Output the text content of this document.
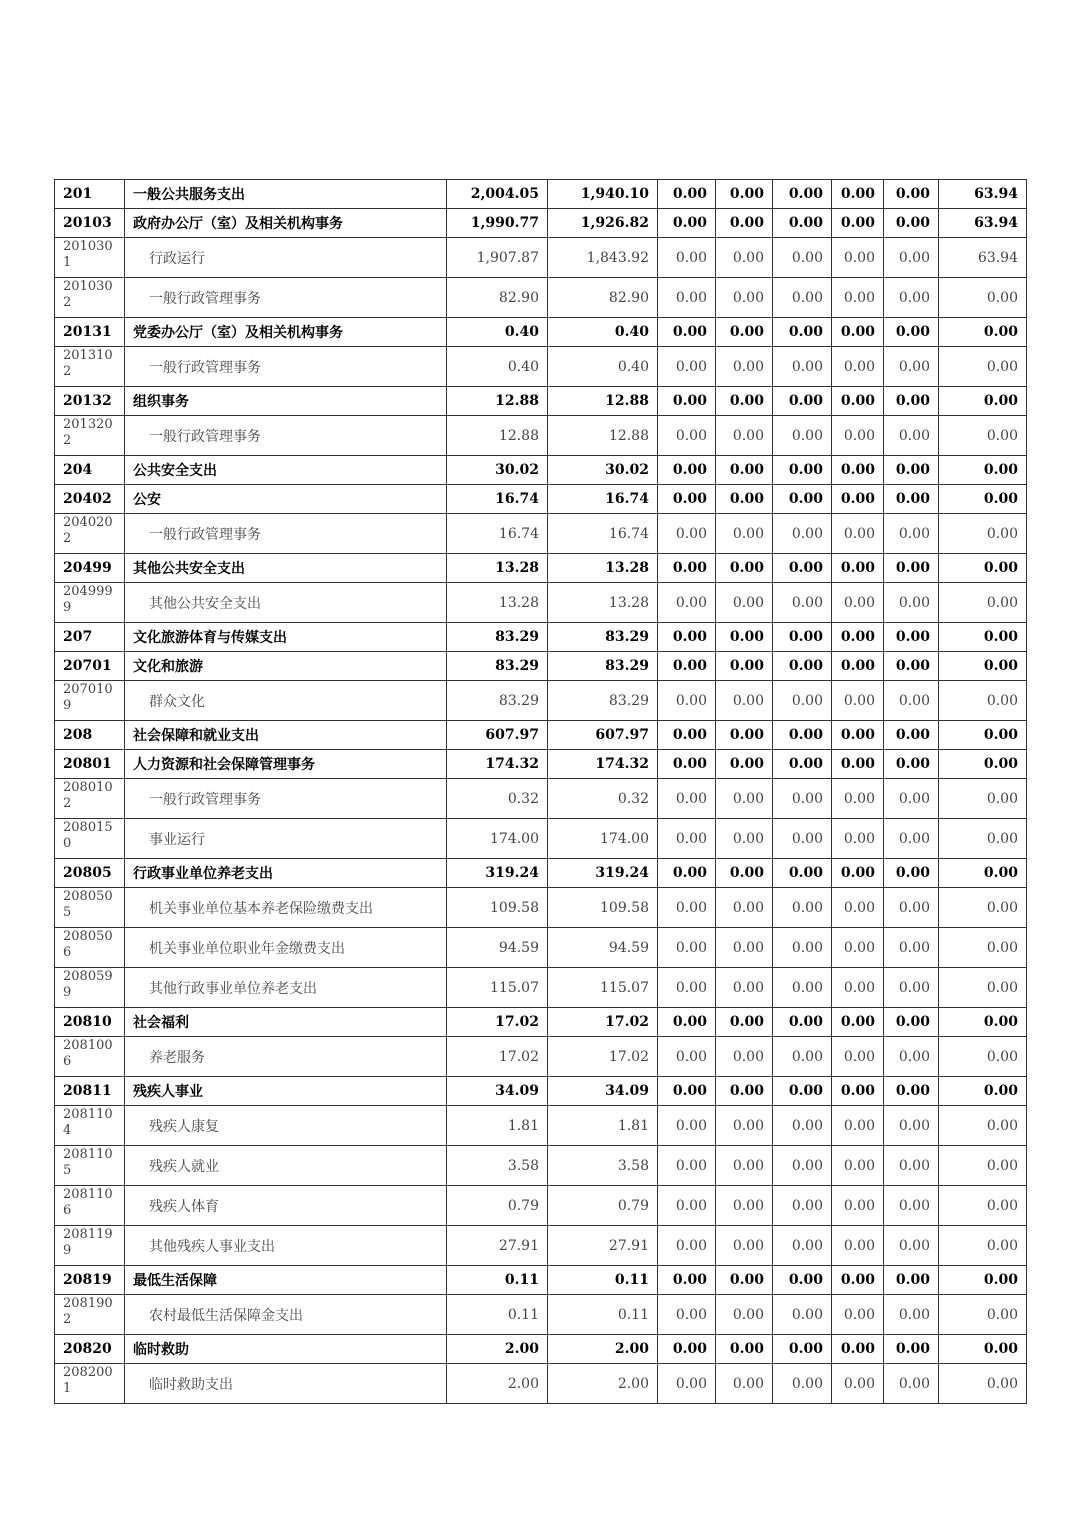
201	一般公共服务支出	2,004.05	1,940.10	0.00	0.00	0.00	0.00	0.00	63.94
20103	政府办公厅（室）及相关机构事务	1,990.77	1,926.82	0.00	0.00	0.00	0.00	0.00	63.94
2010301	行政运行	1,907.87	1,843.92	0.00	0.00	0.00	0.00	0.00	63.94
2010302	一般行政管理事务	82.90	82.90	0.00	0.00	0.00	0.00	0.00	0.00
20131	党委办公厅（室）及相关机构事务	0.40	0.40	0.00	0.00	0.00	0.00	0.00	0.00
2013102	一般行政管理事务	0.40	0.40	0.00	0.00	0.00	0.00	0.00	0.00
20132	组织事务	12.88	12.88	0.00	0.00	0.00	0.00	0.00	0.00
2013202	一般行政管理事务	12.88	12.88	0.00	0.00	0.00	0.00	0.00	0.00
204	公共安全支出	30.02	30.02	0.00	0.00	0.00	0.00	0.00	0.00
20402	公安	16.74	16.74	0.00	0.00	0.00	0.00	0.00	0.00
2040202	一般行政管理事务	16.74	16.74	0.00	0.00	0.00	0.00	0.00	0.00
20499	其他公共安全支出	13.28	13.28	0.00	0.00	0.00	0.00	0.00	0.00
2049999	其他公共安全支出	13.28	13.28	0.00	0.00	0.00	0.00	0.00	0.00
207	文化旅游体育与传媒支出	83.29	83.29	0.00	0.00	0.00	0.00	0.00	0.00
20701	文化和旅游	83.29	83.29	0.00	0.00	0.00	0.00	0.00	0.00
2070109	群众文化	83.29	83.29	0.00	0.00	0.00	0.00	0.00	0.00
208	社会保障和就业支出	607.97	607.97	0.00	0.00	0.00	0.00	0.00	0.00
20801	人力资源和社会保障管理事务	174.32	174.32	0.00	0.00	0.00	0.00	0.00	0.00
2080102	一般行政管理事务	0.32	0.32	0.00	0.00	0.00	0.00	0.00	0.00
2080150	事业运行	174.00	174.00	0.00	0.00	0.00	0.00	0.00	0.00
20805	行政事业单位养老支出	319.24	319.24	0.00	0.00	0.00	0.00	0.00	0.00
2080505	机关事业单位基本养老保险缴费支出	109.58	109.58	0.00	0.00	0.00	0.00	0.00	0.00
2080506	机关事业单位职业年金缴费支出	94.59	94.59	0.00	0.00	0.00	0.00	0.00	0.00
2080599	其他行政事业单位养老支出	115.07	115.07	0.00	0.00	0.00	0.00	0.00	0.00
20810	社会福利	17.02	17.02	0.00	0.00	0.00	0.00	0.00	0.00
2081006	养老服务	17.02	17.02	0.00	0.00	0.00	0.00	0.00	0.00
20811	残疾人事业	34.09	34.09	0.00	0.00	0.00	0.00	0.00	0.00
2081104	残疾人康复	1.81	1.81	0.00	0.00	0.00	0.00	0.00	0.00
2081105	残疾人就业	3.58	3.58	0.00	0.00	0.00	0.00	0.00	0.00
2081106	残疾人体育	0.79	0.79	0.00	0.00	0.00	0.00	0.00	0.00
2081199	其他残疾人事业支出	27.91	27.91	0.00	0.00	0.00	0.00	0.00	0.00
20819	最低生活保障	0.11	0.11	0.00	0.00	0.00	0.00	0.00	0.00
2081902	农村最低生活保障金支出	0.11	0.11	0.00	0.00	0.00	0.00	0.00	0.00
20820	临时救助	2.00	2.00	0.00	0.00	0.00	0.00	0.00	0.00
2082001	临时救助支出	2.00	2.00	0.00	0.00	0.00	0.00	0.00	0.00
